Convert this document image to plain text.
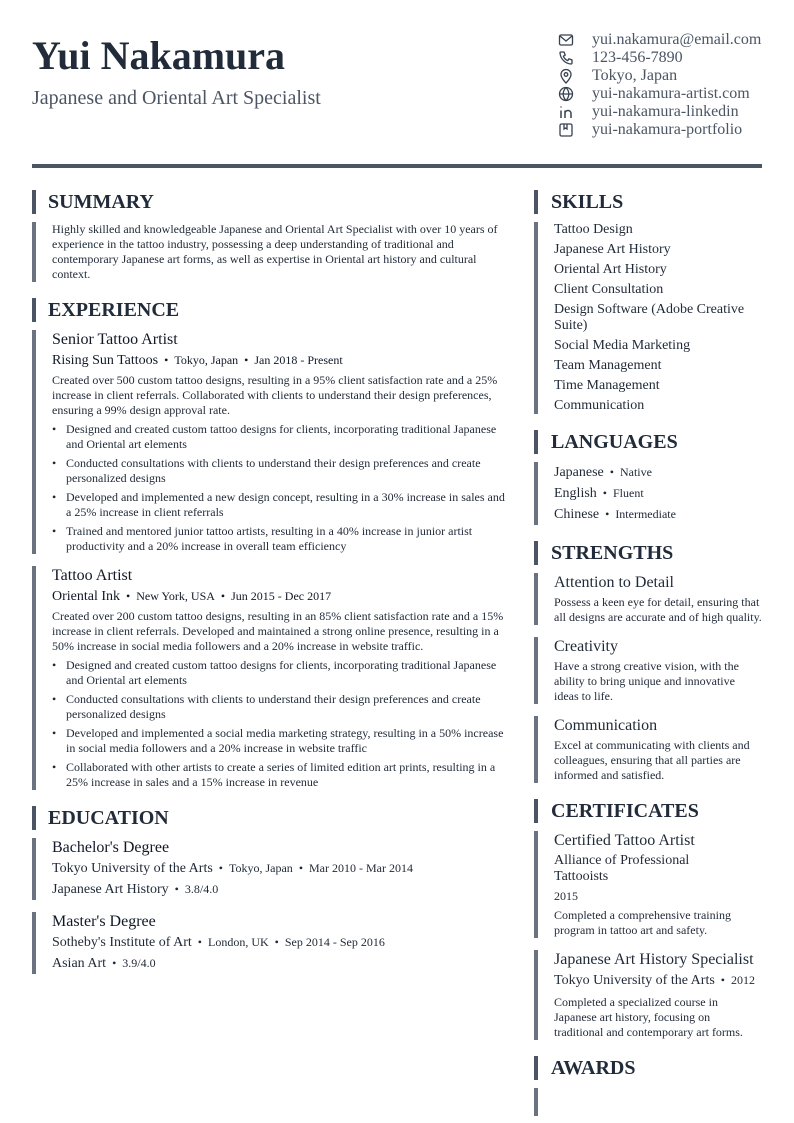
Yui Nakamura
Japanese and Oriental Art Specialist
yui.nakamura@email.com
123-456-7890
Tokyo, Japan
yui-nakamura-artist.com
yui-nakamura-linkedin
yui-nakamura-portfolio
SUMMARY
Highly skilled and knowledgeable Japanese and Oriental Art Specialist with over 10 years of experience in the tattoo industry, possessing a deep understanding of traditional and contemporary Japanese art forms, as well as expertise in Oriental art history and cultural context.
EXPERIENCE
Senior Tattoo Artist
Rising Sun Tattoos • Tokyo, Japan • Jan 2018 - Present
Created over 500 custom tattoo designs, resulting in a 95% client satisfaction rate and a 25% increase in client referrals. Collaborated with clients to understand their design preferences, ensuring a 99% design approval rate.
• Designed and created custom tattoo designs for clients, incorporating traditional Japanese and Oriental art elements
• Conducted consultations with clients to understand their design preferences and create personalized designs
• Developed and implemented a new design concept, resulting in a 30% increase in sales and a 25% increase in client referrals
• Trained and mentored junior tattoo artists, resulting in a 40% increase in junior artist productivity and a 20% increase in overall team efficiency
Tattoo Artist
Oriental Ink • New York, USA • Jun 2015 - Dec 2017
Created over 200 custom tattoo designs, resulting in an 85% client satisfaction rate and a 15% increase in client referrals. Developed and maintained a strong online presence, resulting in a 50% increase in social media followers and a 20% increase in website traffic.
• Designed and created custom tattoo designs for clients, incorporating traditional Japanese and Oriental art elements
• Conducted consultations with clients to understand their design preferences and create personalized designs
• Developed and implemented a social media marketing strategy, resulting in a 50% increase in social media followers and a 20% increase in website traffic
• Collaborated with other artists to create a series of limited edition art prints, resulting in a 25% increase in sales and a 15% increase in revenue
EDUCATION
Bachelor's Degree
Tokyo University of the Arts • Tokyo, Japan • Mar 2010 - Mar 2014
Japanese Art History • 3.8/4.0
Master's Degree
Sotheby's Institute of Art • London, UK • Sep 2014 - Sep 2016
Asian Art • 3.9/4.0
SKILLS
Tattoo Design
Japanese Art History
Oriental Art History
Client Consultation
Design Software (Adobe Creative Suite)
Social Media Marketing
Team Management
Time Management
Communication
LANGUAGES
Japanese • Native
English • Fluent
Chinese • Intermediate
STRENGTHS
Attention to Detail
Possess a keen eye for detail, ensuring that all designs are accurate and of high quality.
Creativity
Have a strong creative vision, with the ability to bring unique and innovative ideas to life.
Communication
Excel at communicating with clients and colleagues, ensuring that all parties are informed and satisfied.
CERTIFICATES
Certified Tattoo Artist
Alliance of Professional Tattooists
2015
Completed a comprehensive training program in tattoo art and safety.
Japanese Art History Specialist
Tokyo University of the Arts • 2012
Completed a specialized course in Japanese art history, focusing on traditional and contemporary art forms.
AWARDS
